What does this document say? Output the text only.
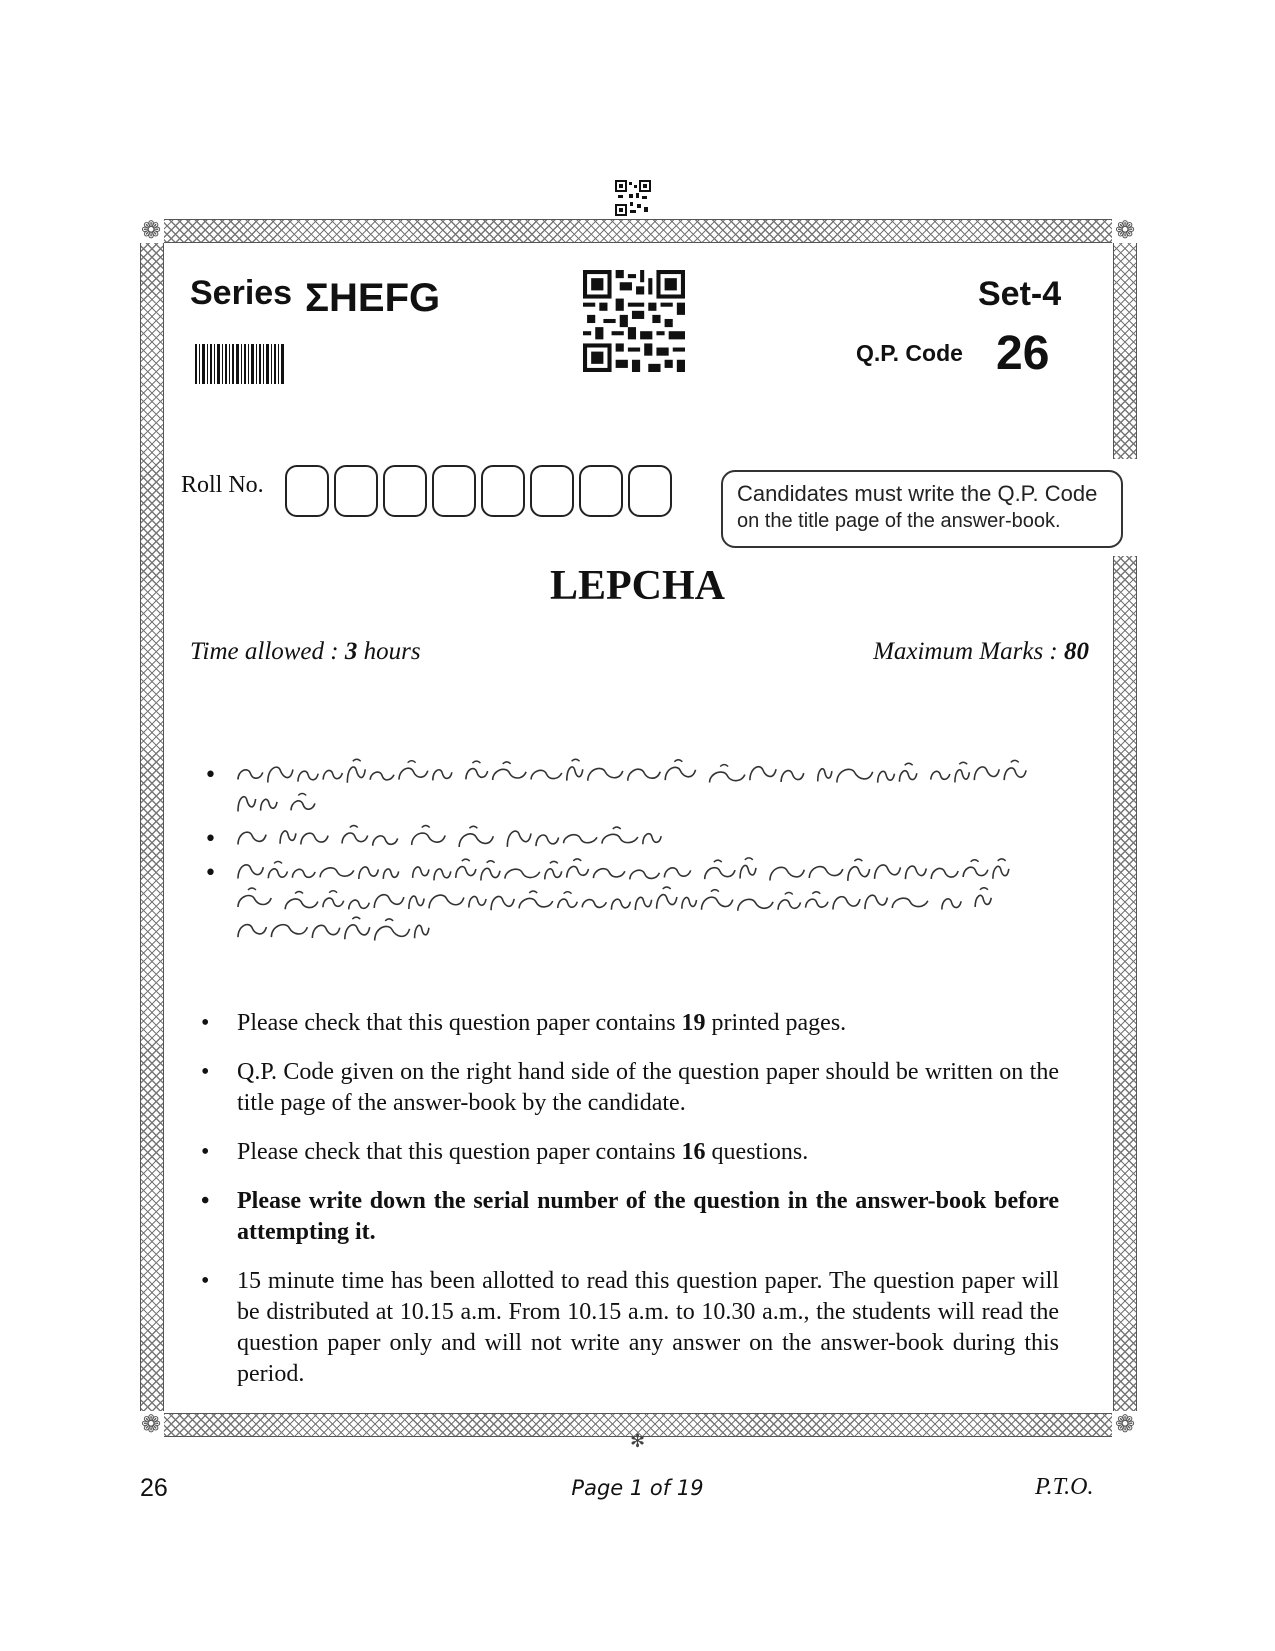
❁	❁
❁	❁
✻
Series ΣHEFG	Set-4
Q.P. Code 26
Roll No.	Candidates must write the Q.P. Code
on the title page of the answer-book.
LEPCHA
Time allowed : 3 hours	Maximum Marks : 80
•
•
•
• Please check that this question paper contains 19 printed pages.
• Q.P. Code given on the right hand side of the question paper should be written on the title page of the answer-book by the candidate.
• Please check that this question paper contains 16 questions.
• Please write down the serial number of the question in the answer-book before attempting it.
• 15 minute time has been allotted to read this question paper. The question paper will be distributed at 10.15 a.m. From 10.15 a.m. to 10.30 a.m., the students will read the question paper only and will not write any answer on the answer-book during this period.
26	Page 1 of 19	P.T.O.
